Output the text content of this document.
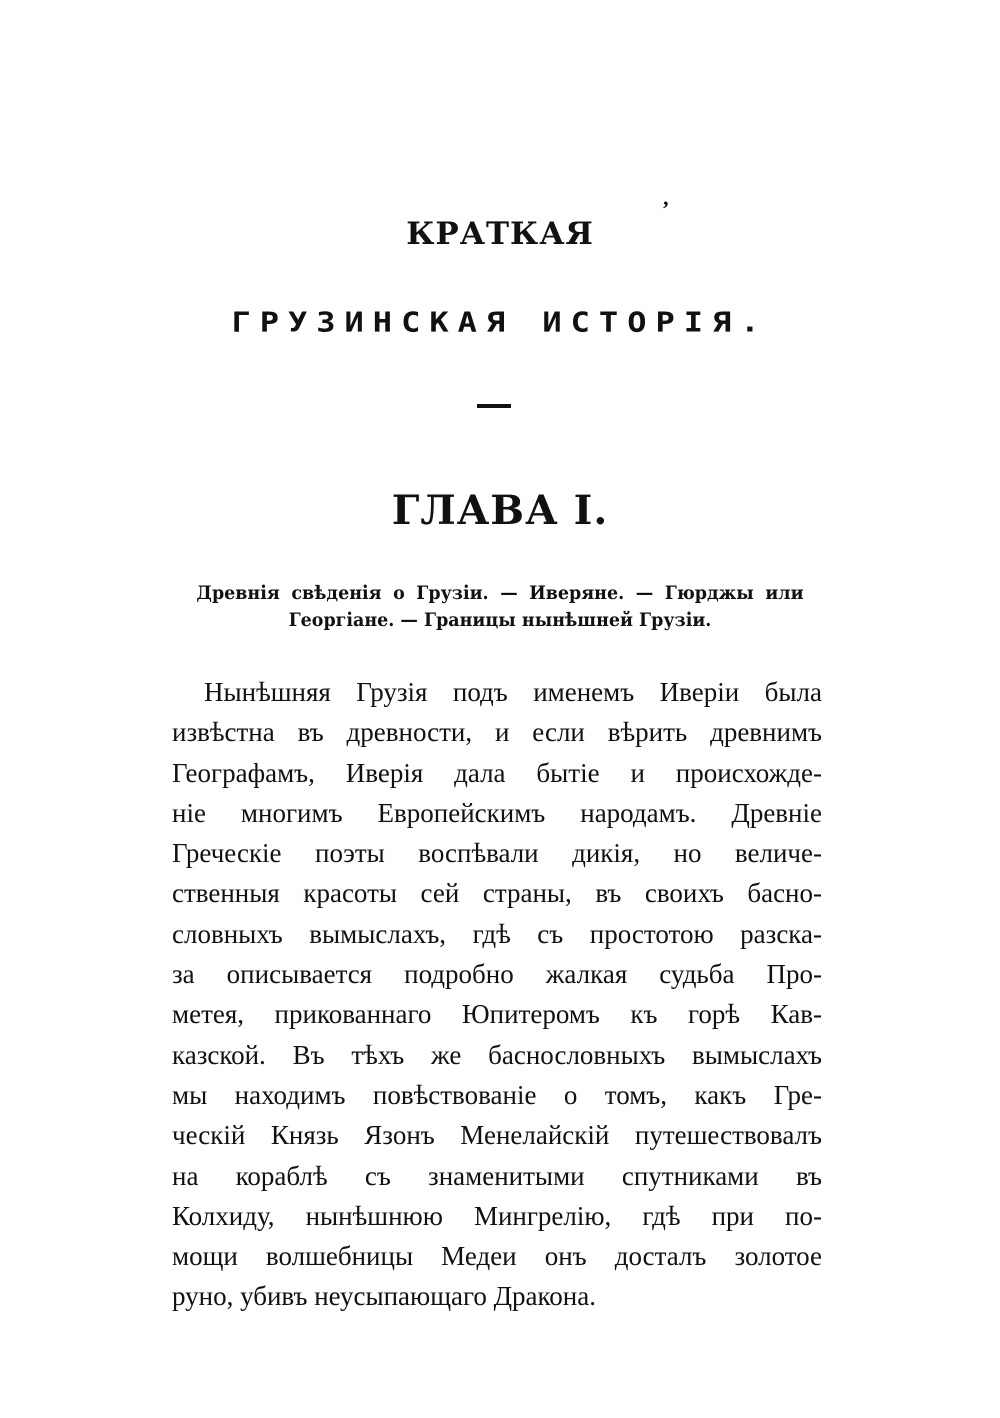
’
КРАТКАЯ
ГРУЗИНСКАЯ ИСТОРІЯ.
ГЛАВА I.
Древнія свѣденія о Грузіи. — Иверяне. — Гюрджы или
Георгіане. — Границы нынѣшней Грузіи.
Нынѣшняя Грузія подъ именемъ Иверіи была
извѣстна въ древности, и если вѣрить древнимъ
Географамъ, Иверія дала бытіе и происхожде-
ніе многимъ Европейскимъ народамъ. Древніе
Греческіе поэты воспѣвали дикія, но величе-
ственныя красоты сей страны, въ своихъ басно-
словныхъ вымыслахъ, гдѣ съ простотою разска-
за описывается подробно жалкая судьба Про-
метея, прикованнаго Юпитеромъ къ горѣ Кав-
казской. Въ тѣхъ же баснословныхъ вымыслахъ
мы находимъ повѣствованіе о томъ, какъ Гре-
ческій Князь Язонъ Менелайскій путешествовалъ
на кораблѣ съ знаменитыми спутниками въ
Колхиду, нынѣшнюю Мингрелію, гдѣ при по-
мощи волшебницы Медеи онъ досталъ золотое
руно, убивъ неусыпающаго Дракона.
